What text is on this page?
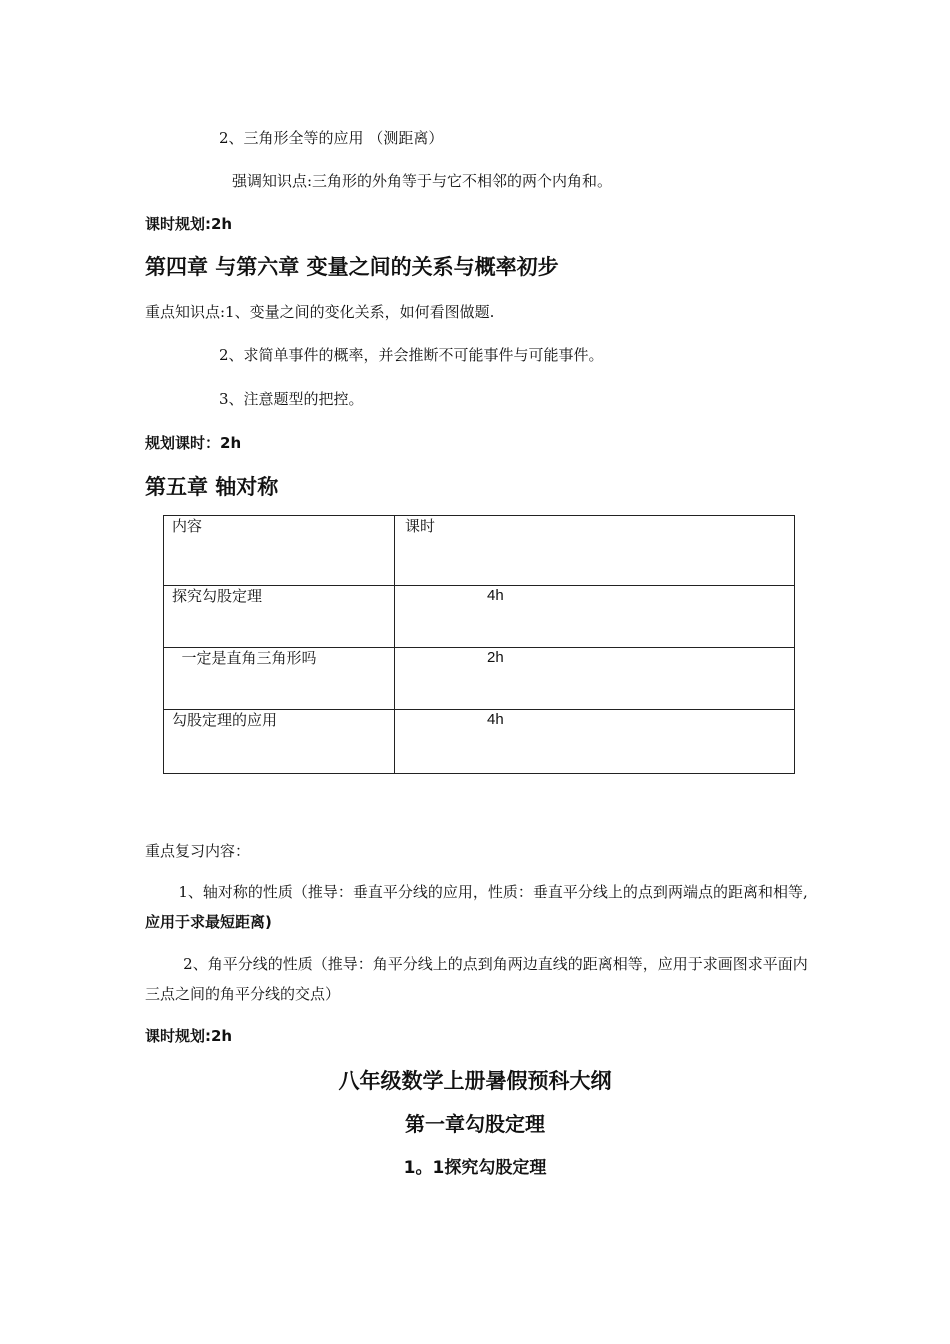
2、三角形全等的应用 （测距离）
强调知识点:三角形的外角等于与它不相邻的两个内角和。
课时规划:2h
第四章 与第六章 变量之间的关系与概率初步
重点知识点:1、变量之间的变化关系，如何看图做题.
2、求简单事件的概率，并会推断不可能事件与可能事件。
3、注意题型的把控。
规划课时：2h
第五章 轴对称
内容	课时
探究勾股定理	4h
一定是直角三角形吗	2h
勾股定理的应用	4h
重点复习内容：
1、轴对称的性质（推导：垂直平分线的应用，性质：垂直平分线上的点到两端点的距离和相等,应用于求最短距离)
2、角平分线的性质（推导：角平分线上的点到角两边直线的距离相等，应用于求画图求平面内三点之间的角平分线的交点）
课时规划:2h
八年级数学上册暑假预科大纲
第一章勾股定理
1。1探究勾股定理
